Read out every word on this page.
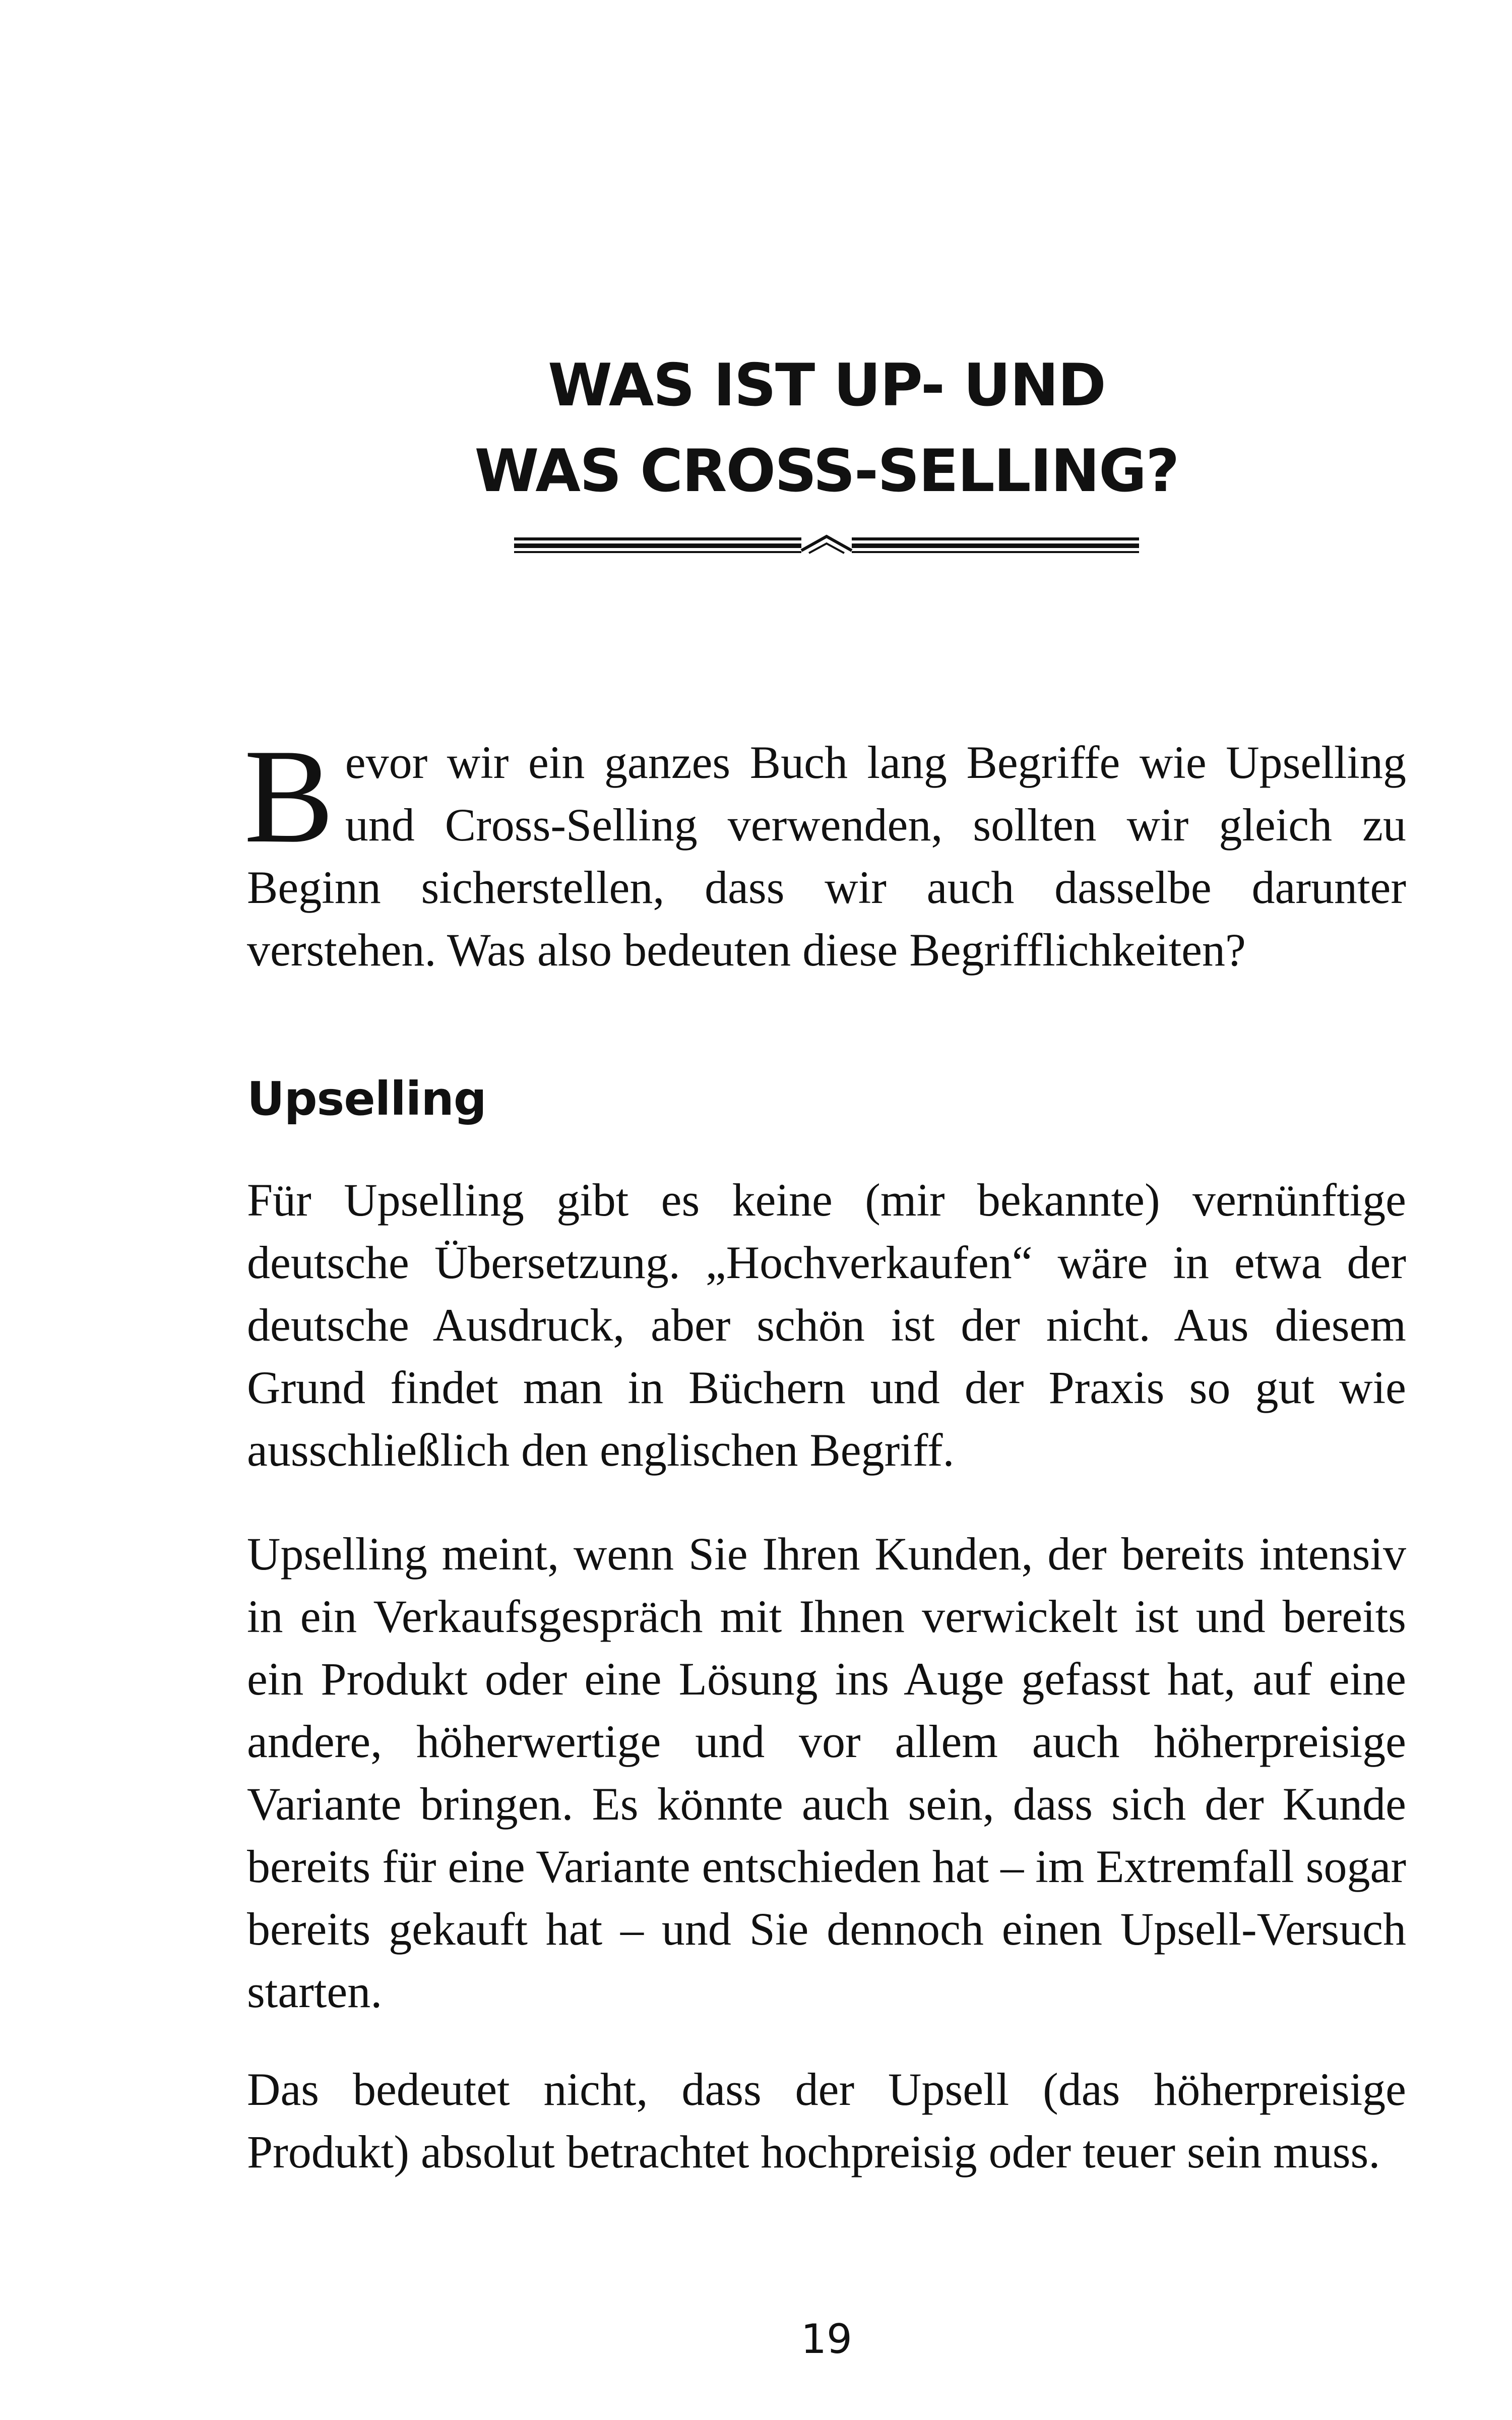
WAS IST UP- UND
WAS CROSS-SELLING?
B evor wir ein ganzes Buch lang Begriffe wie Upselling und Cross-Selling verwenden, sollten wir gleich zu Beginn sicherstellen, dass wir auch dasselbe darunter verstehen. Was also bedeuten diese Begrifflichkeiten?
Upselling

Für Upselling gibt es keine (mir bekannte) vernünftige deutsche Übersetzung. „Hochverkaufen“ wäre in etwa der deutsche Ausdruck, aber schön ist der nicht. Aus diesem Grund findet man in Büchern und der Praxis so gut wie ausschließlich den englischen Begriff.

Upselling meint, wenn Sie Ihren Kunden, der bereits intensiv in ein Verkaufsgespräch mit Ihnen verwickelt ist und bereits ein Produkt oder eine Lösung ins Auge gefasst hat, auf eine andere, höherwertige und vor allem auch höherpreisige Variante bringen. Es könnte auch sein, dass sich der Kunde bereits für eine Variante entschieden hat – im Extremfall sogar bereits gekauft hat – und Sie dennoch einen Upsell-Versuch starten.

Das bedeutet nicht, dass der Upsell (das höherpreisige Produkt) absolut betrachtet hochpreisig oder teuer sein muss.

19
